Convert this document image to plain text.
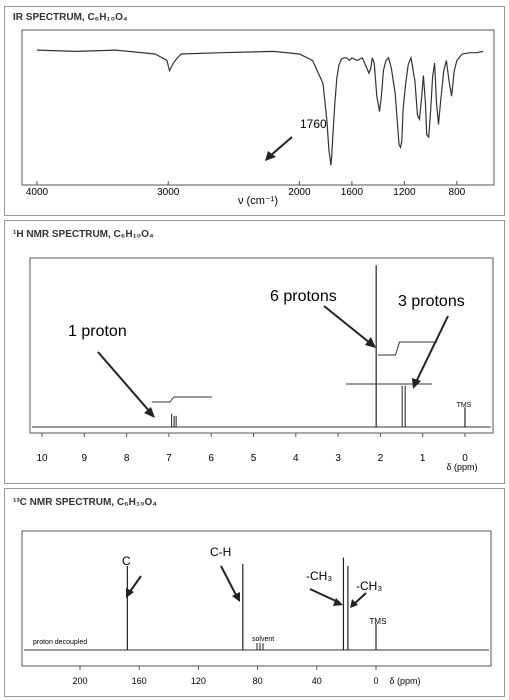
IR SPECTRUM, C₆H₁₀O₄
¹H NMR SPECTRUM, C₆H₁₀O₄
¹³C NMR SPECTRUM, C₆H₁₀O₄
4000	3000	2000	1600	1200	800
ν (cm⁻¹)
1760
10	9	8	7	6	5	4	3	2	1	0
δ (ppm)
TMS
1 proton
6 protons	3 protons
200	160	120	80	40	0 δ (ppm)
proton decoupled	solvent
TMS
C
C-H
-CH₃
-CH₃
